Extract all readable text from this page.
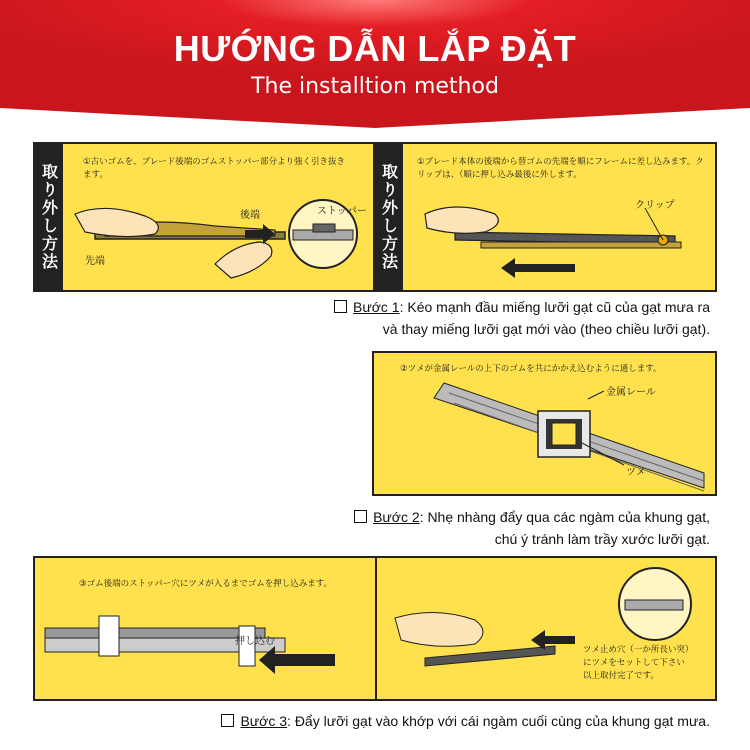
HƯỚNG DẪN LẮP ĐẶT
The installtion method
取り外し方法	取り外し方法
①古いゴムを、ブレード後端のゴムストッパー部分より強く引き抜きます。
①ブレード本体の後端から替ゴムの先端を順にフレームに差し込みます。クリップは、（順に押し込み最後に外します。
後端
先端
ストッパー
クリップ
Bước 1: Kéo mạnh đầu miếng lưỡi gạt cũ của gạt mưa ra
và thay miếng lưỡi gạt mới vào (theo chiều lưỡi gạt).
②ツメが金属レールの上下のゴムを共にかかえ込むように通します。
金属レール
ツメ
Bước 2: Nhẹ nhàng đẩy qua các ngàm của khung gạt,
chú ý tránh làm trầy xước lưỡi gạt.
③ゴム後端のストッパー穴にツメが入るまでゴムを押し込みます。
押し込む
ツメ止め穴（一か所長い突）
にツメをセットして下さい
以上取付完了です。
Bước 3: Đẩy lưỡi gạt vào khớp với cái ngàm cuối cùng của khung gạt mưa.
